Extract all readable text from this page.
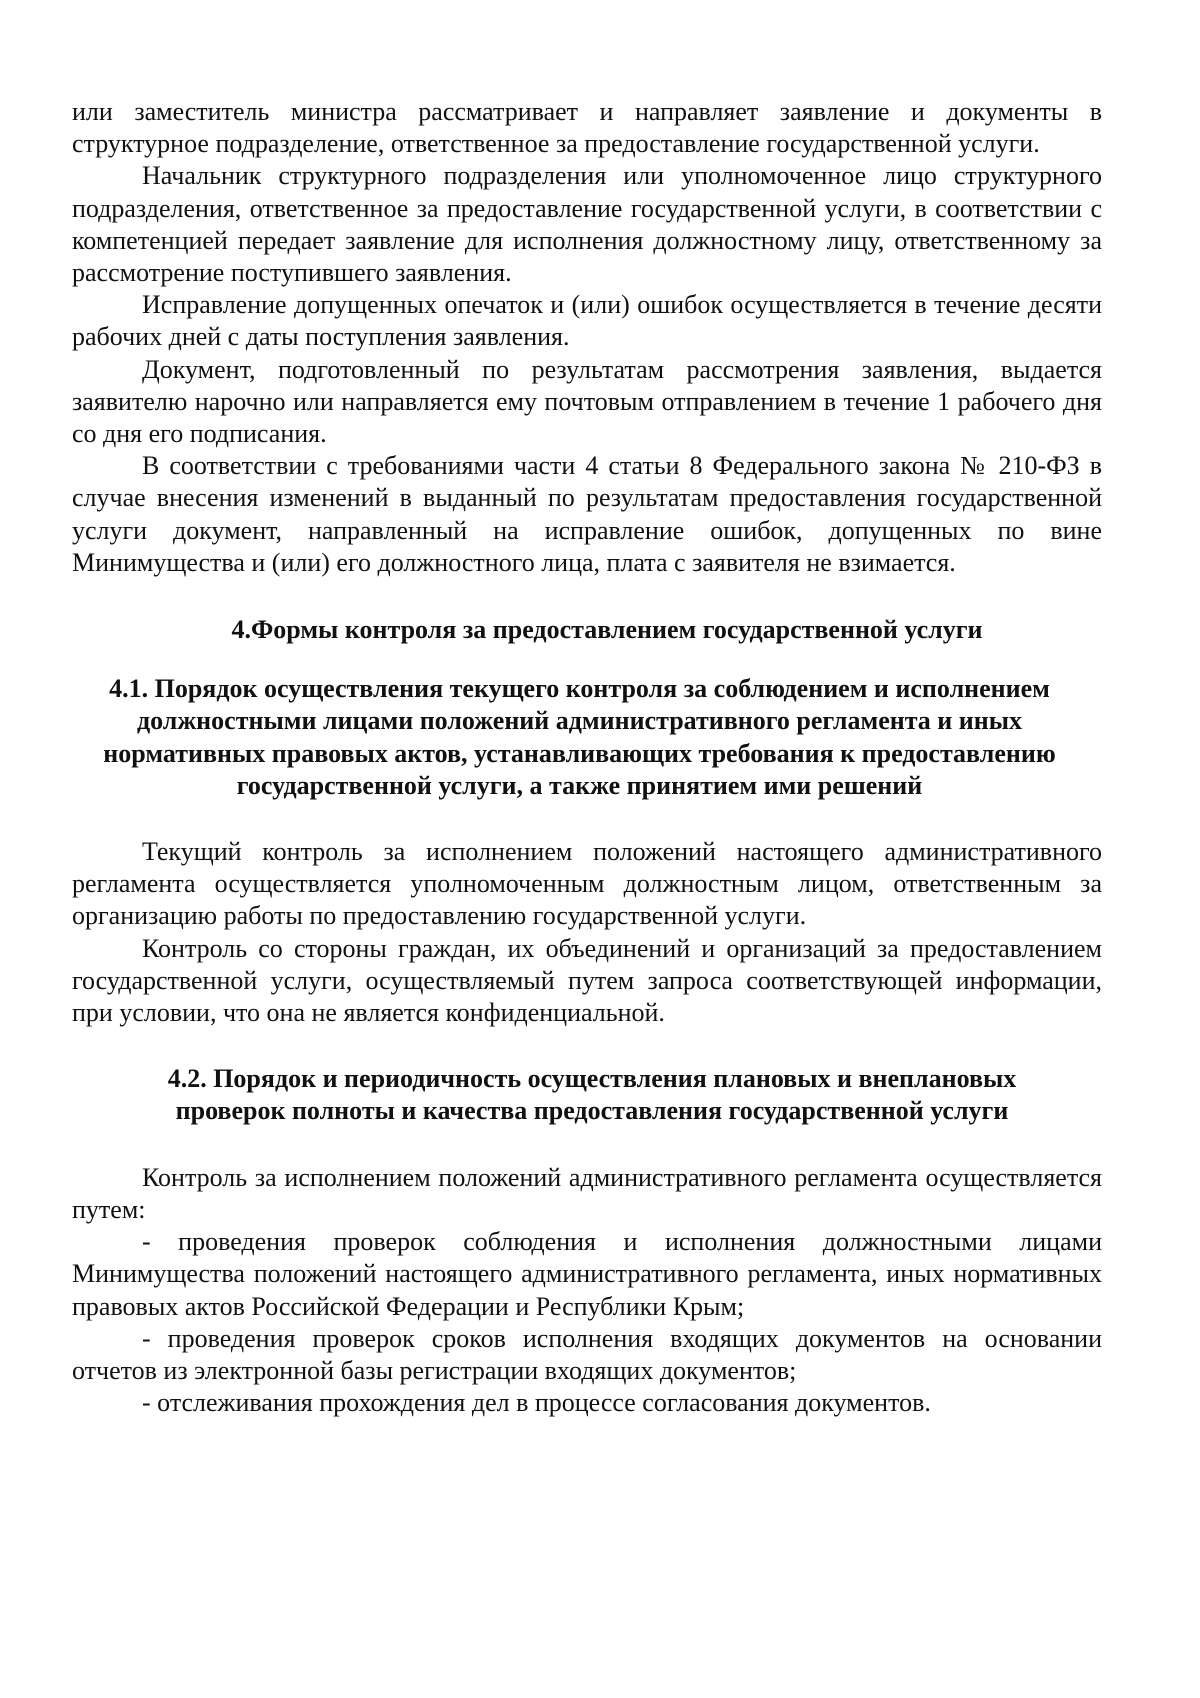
или заместитель министра рассматривает и направляет заявление и документы в структурное подразделение, ответственное за предоставление государственной услуги.

Начальник структурного подразделения или уполномоченное лицо структурного подразделения, ответственное за предоставление государственной услуги, в соответствии с компетенцией передает заявление для исполнения должностному лицу, ответственному за рассмотрение поступившего заявления.

Исправление допущенных опечаток и (или) ошибок осуществляется в течение десяти рабочих дней с даты поступления заявления.

Документ, подготовленный по результатам рассмотрения заявления, выдается заявителю нарочно или направляется ему почтовым отправлением в течение 1 рабочего дня со дня его подписания.

В соответствии с требованиями части 4 статьи 8 Федерального закона № 210-ФЗ в случае внесения изменений в выданный по результатам предоставления государственной услуги документ, направленный на исправление ошибок, допущенных по вине Минимущества и (или) его должностного лица, плата с заявителя не взимается.

4.Формы контроля за предоставлением государственной услуги
4.1. Порядок осуществления текущего контроля за соблюдением и исполнением должностными лицами положений административного регламента и иных нормативных правовых актов, устанавливающих требования к предоставлению государственной услуги, а также принятием ими решений

Текущий контроль за исполнением положений настоящего административного регламента осуществляется уполномоченным должностным лицом, ответственным за организацию работы по предоставлению государственной услуги.

Контроль со стороны граждан, их объединений и организаций за предоставлением государственной услуги, осуществляемый путем запроса соответствующей информации, при условии, что она не является конфиденциальной.

4.2. Порядок и периодичность осуществления плановых и внеплановых проверок полноты и качества предоставления государственной услуги

Контроль за исполнением положений административного регламента осуществляется путем:

- проведения проверок соблюдения и исполнения должностными лицами Минимущества положений настоящего административного регламента, иных нормативных правовых актов Российской Федерации и Республики Крым;

- проведения проверок сроков исполнения входящих документов на основании отчетов из электронной базы регистрации входящих документов;

- отслеживания прохождения дел в процессе согласования документов.
